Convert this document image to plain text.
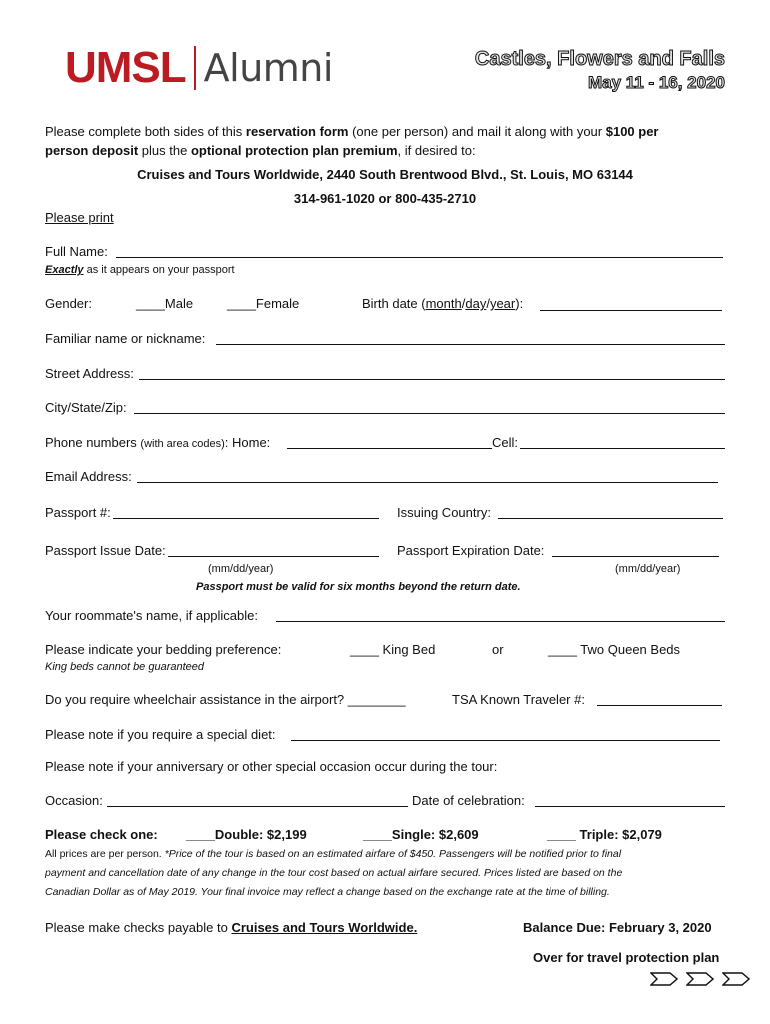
UMSL Alumni	Castles, Flowers and Falls
May 11 - 16, 2020
Please complete both sides of this reservation form (one per person) and mail it along with your $100 per
person deposit plus the optional protection plan premium, if desired to:
Cruises and Tours Worldwide, 2440 South Brentwood Blvd., St. Louis, MO 63144
314-961-1020 or 800-435-2710
Please print
Full Name:
Exactly as it appears on your passport
Gender:	____Male	____Female	Birth date (month/day/year):
Familiar name or nickname:
Street Address:
City/State/Zip:
Phone numbers (with area codes): Home:	Cell:
Email Address:
Passport #:	Issuing Country:
Passport Issue Date:	Passport Expiration Date:
(mm/dd/year)	(mm/dd/year)
Passport must be valid for six months beyond the return date.
Your roommate's name, if applicable:
Please indicate your bedding preference:	____ King Bed	or	____ Two Queen Beds
King beds cannot be guaranteed
Do you require wheelchair assistance in the airport? ________	TSA Known Traveler #:
Please note if you require a special diet:
Please note if your anniversary or other special occasion occur during the tour:
Occasion:	Date of celebration:
Please check one: ____Double: $2,199	____Single: $2,609	____ Triple: $2,079
All prices are per person. *Price of the tour is based on an estimated airfare of $450. Passengers will be notified prior to final
payment and cancellation date of any change in the tour cost based on actual airfare secured. Prices listed are based on the
Canadian Dollar as of May 2019. Your final invoice may reflect a change based on the exchange rate at the time of billing.
Please make checks payable to Cruises and Tours Worldwide.	Balance Due: February 3, 2020
Over for travel protection plan
